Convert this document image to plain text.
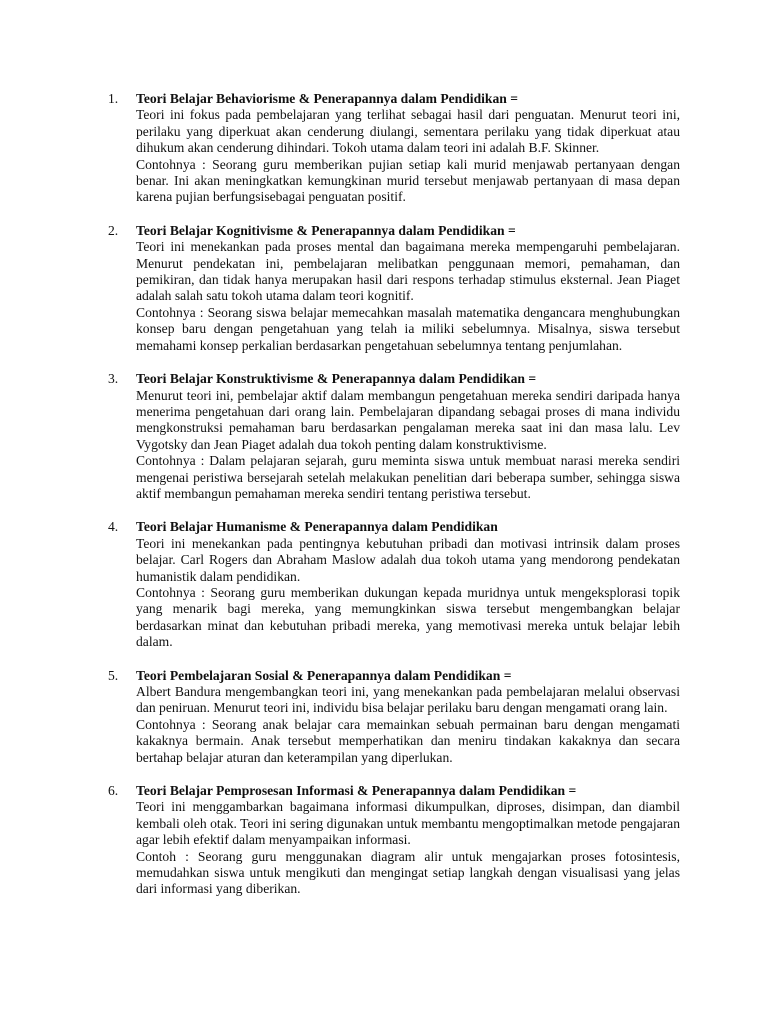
1. Teori Belajar Behaviorisme & Penerapannya dalam Pendidikan =

Teori ini fokus pada pembelajaran yang terlihat sebagai hasil dari penguatan. Menurut teori ini, perilaku yang diperkuat akan cenderung diulangi, sementara perilaku yang tidak diperkuat atau dihukum akan cenderung dihindari. Tokoh utama dalam teori ini adalah B.F. Skinner.

Contohnya : Seorang guru memberikan pujian setiap kali murid menjawab pertanyaan dengan benar. Ini akan meningkatkan kemungkinan murid tersebut menjawab pertanyaan di masa depan karena pujian berfungsisebagai penguatan positif.

2. Teori Belajar Kognitivisme & Penerapannya dalam Pendidikan =

Teori ini menekankan pada proses mental dan bagaimana mereka mempengaruhi pembelajaran. Menurut pendekatan ini, pembelajaran melibatkan penggunaan memori, pemahaman, dan pemikiran, dan tidak hanya merupakan hasil dari respons terhadap stimulus eksternal. Jean Piaget adalah salah satu tokoh utama dalam teori kognitif.

Contohnya : Seorang siswa belajar memecahkan masalah matematika dengancara menghubungkan konsep baru dengan pengetahuan yang telah ia miliki sebelumnya. Misalnya, siswa tersebut memahami konsep perkalian berdasarkan pengetahuan sebelumnya tentang penjumlahan.

3. Teori Belajar Konstruktivisme & Penerapannya dalam Pendidikan =

Menurut teori ini, pembelajar aktif dalam membangun pengetahuan mereka sendiri daripada hanya menerima pengetahuan dari orang lain. Pembelajaran dipandang sebagai proses di mana individu mengkonstruksi pemahaman baru berdasarkan pengalaman mereka saat ini dan masa lalu. Lev Vygotsky dan Jean Piaget adalah dua tokoh penting dalam konstruktivisme.

Contohnya : Dalam pelajaran sejarah, guru meminta siswa untuk membuat narasi mereka sendiri mengenai peristiwa bersejarah setelah melakukan penelitian dari beberapa sumber, sehingga siswa aktif membangun pemahaman mereka sendiri tentang peristiwa tersebut.

4. Teori Belajar Humanisme & Penerapannya dalam Pendidikan

Teori ini menekankan pada pentingnya kebutuhan pribadi dan motivasi intrinsik dalam proses belajar. Carl Rogers dan Abraham Maslow adalah dua tokoh utama yang mendorong pendekatan humanistik dalam pendidikan.

Contohnya : Seorang guru memberikan dukungan kepada muridnya untuk mengeksplorasi topik yang menarik bagi mereka, yang memungkinkan siswa tersebut mengembangkan belajar berdasarkan minat dan kebutuhan pribadi mereka, yang memotivasi mereka untuk belajar lebih dalam.

5. Teori Pembelajaran Sosial & Penerapannya dalam Pendidikan =

Albert Bandura mengembangkan teori ini, yang menekankan pada pembelajaran melalui observasi dan peniruan. Menurut teori ini, individu bisa belajar perilaku baru dengan mengamati orang lain.

Contohnya : Seorang anak belajar cara memainkan sebuah permainan baru dengan mengamati kakaknya bermain. Anak tersebut memperhatikan dan meniru tindakan kakaknya dan secara bertahap belajar aturan dan keterampilan yang diperlukan.

6. Teori Belajar Pemprosesan Informasi & Penerapannya dalam Pendidikan =

Teori ini menggambarkan bagaimana informasi dikumpulkan, diproses, disimpan, dan diambil kembali oleh otak. Teori ini sering digunakan untuk membantu mengoptimalkan metode pengajaran agar lebih efektif dalam menyampaikan informasi.

Contoh : Seorang guru menggunakan diagram alir untuk mengajarkan proses fotosintesis, memudahkan siswa untuk mengikuti dan mengingat setiap langkah dengan visualisasi yang jelas dari informasi yang diberikan.
